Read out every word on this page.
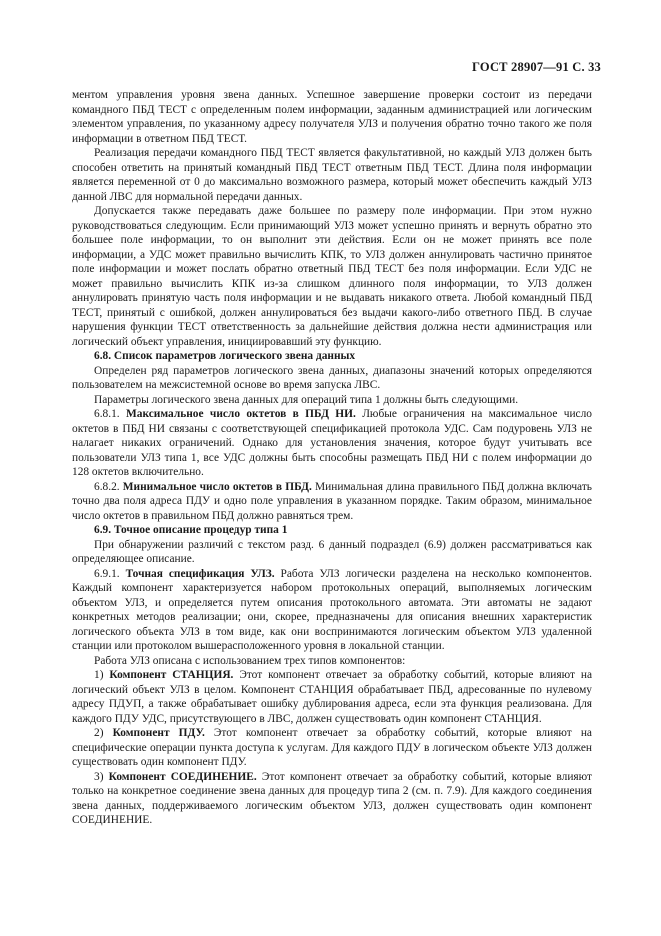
ГОСТ 28907—91 С. 33

ментом управления уровня звена данных. Успешное завершение проверки состоит из передачи командного ПБД ТЕСТ с определенным полем информации, заданным администрацией или логическим элементом управления, по указанному адресу получателя УЛЗ и получения обратно точно такого же поля информации в ответном ПБД ТЕСТ.

Реализация передачи командного ПБД ТЕСТ является факультативной, но каждый УЛЗ должен быть способен ответить на принятый командный ПБД ТЕСТ ответным ПБД ТЕСТ. Длина поля информации является переменной от 0 до максимально возможного размера, который может обеспечить каждый УЛЗ данной ЛВС для нормальной передачи данных.

Допускается также передавать даже большее по размеру поле информации. При этом нужно руководствоваться следующим. Если принимающий УЛЗ может успешно принять и вернуть обратно это большее поле информации, то он выполнит эти действия. Если он не может принять все поле информации, а УДС может правильно вычислить КПК, то УЛЗ должен аннулировать частично принятое поле информации и может послать обратно ответный ПБД ТЕСТ без поля информации. Если УДС не может правильно вычислить КПК из-за слишком длинного поля информации, то УЛЗ должен аннулировать принятую часть поля информации и не выдавать никакого ответа. Любой командный ПБД ТЕСТ, принятый с ошибкой, должен аннулироваться без выдачи какого-либо ответного ПБД. В случае нарушения функции ТЕСТ ответственность за дальнейшие действия должна нести администрация или логический объект управления, инициировавший эту функцию.

6.8. Список параметров логического звена данных

Определен ряд параметров логического звена данных, диапазоны значений которых определяются пользователем на межсистемной основе во время запуска ЛВС.

Параметры логического звена данных для операций типа 1 должны быть следующими.

6.8.1. Максимальное число октетов в ПБД НИ. Любые ограничения на максимальное число октетов в ПБД НИ связаны с соответствующей спецификацией протокола УДС. Сам подуровень УЛЗ не налагает никаких ограничений. Однако для установления значения, которое будут учитывать все пользователи УЛЗ типа 1, все УДС должны быть способны размещать ПБД НИ с полем информации до 128 октетов включительно.

6.8.2. Минимальное число октетов в ПБД. Минимальная длина правильного ПБД должна включать точно два поля адреса ПДУ и одно поле управления в указанном порядке. Таким образом, минимальное число октетов в правильном ПБД должно равняться трем.

6.9. Точное описание процедур типа 1

При обнаружении различий с текстом разд. 6 данный подраздел (6.9) должен рассматриваться как определяющее описание.

6.9.1. Точная спецификация УЛЗ. Работа УЛЗ логически разделена на несколько компонентов. Каждый компонент характеризуется набором протокольных операций, выполняемых логическим объектом УЛЗ, и определяется путем описания протокольного автомата. Эти автоматы не задают конкретных методов реализации; они, скорее, предназначены для описания внешних характеристик логического объекта УЛЗ в том виде, как они воспринимаются логическим объектом УЛЗ удаленной станции или протоколом вышерасположенного уровня в локальной станции.

Работа УЛЗ описана с использованием трех типов компонентов:

1) Компонент СТАНЦИЯ. Этот компонент отвечает за обработку событий, которые влияют на логический объект УЛЗ в целом. Компонент СТАНЦИЯ обрабатывает ПБД, адресованные по нулевому адресу ПДУП, а также обрабатывает ошибку дублирования адреса, если эта функция реализована. Для каждого ПДУ УДС, присутствующего в ЛВС, должен существовать один компонент СТАНЦИЯ.

2) Компонент ПДУ. Этот компонент отвечает за обработку событий, которые влияют на специфические операции пункта доступа к услугам. Для каждого ПДУ в логическом объекте УЛЗ должен существовать один компонент ПДУ.

3) Компонент СОЕДИНЕНИЕ. Этот компонент отвечает за обработку событий, которые влияют только на конкретное соединение звена данных для процедур типа 2 (см. п. 7.9). Для каждого соединения звена данных, поддерживаемого логическим объектом УЛЗ, должен существовать один компонент СОЕДИНЕНИЕ.
